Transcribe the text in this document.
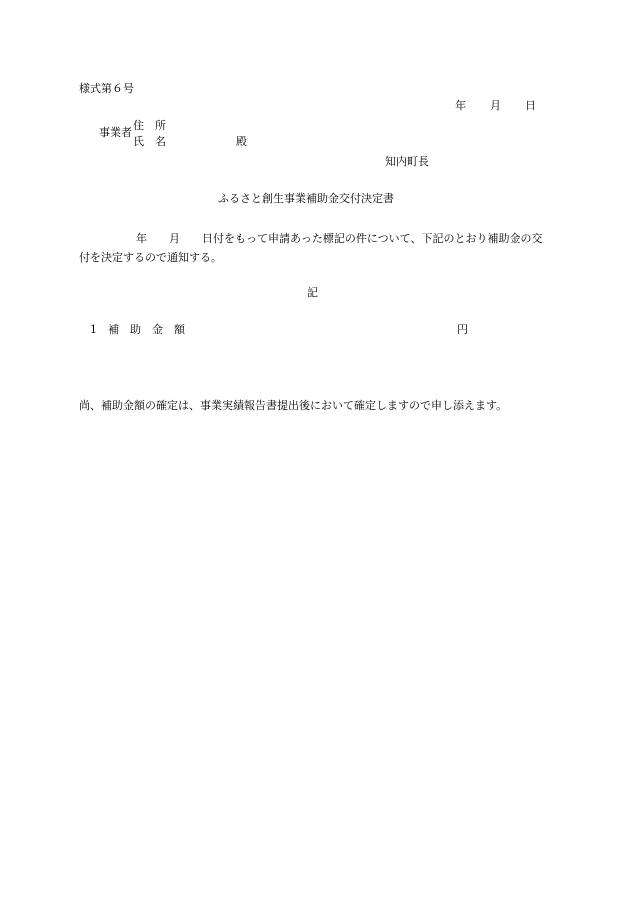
様式第６号
年 月 日
事業者
住　所
氏　名	殿
知内町長
ふるさと創生事業補助金交付決定書
年 月 日付をもって申請あった標記の件について、下記のとおり補助金の交付を決定するので通知する。
記
1 補　助　金　額	円
尚、補助金額の確定は、事業実績報告書提出後において確定しますので申し添えます。
